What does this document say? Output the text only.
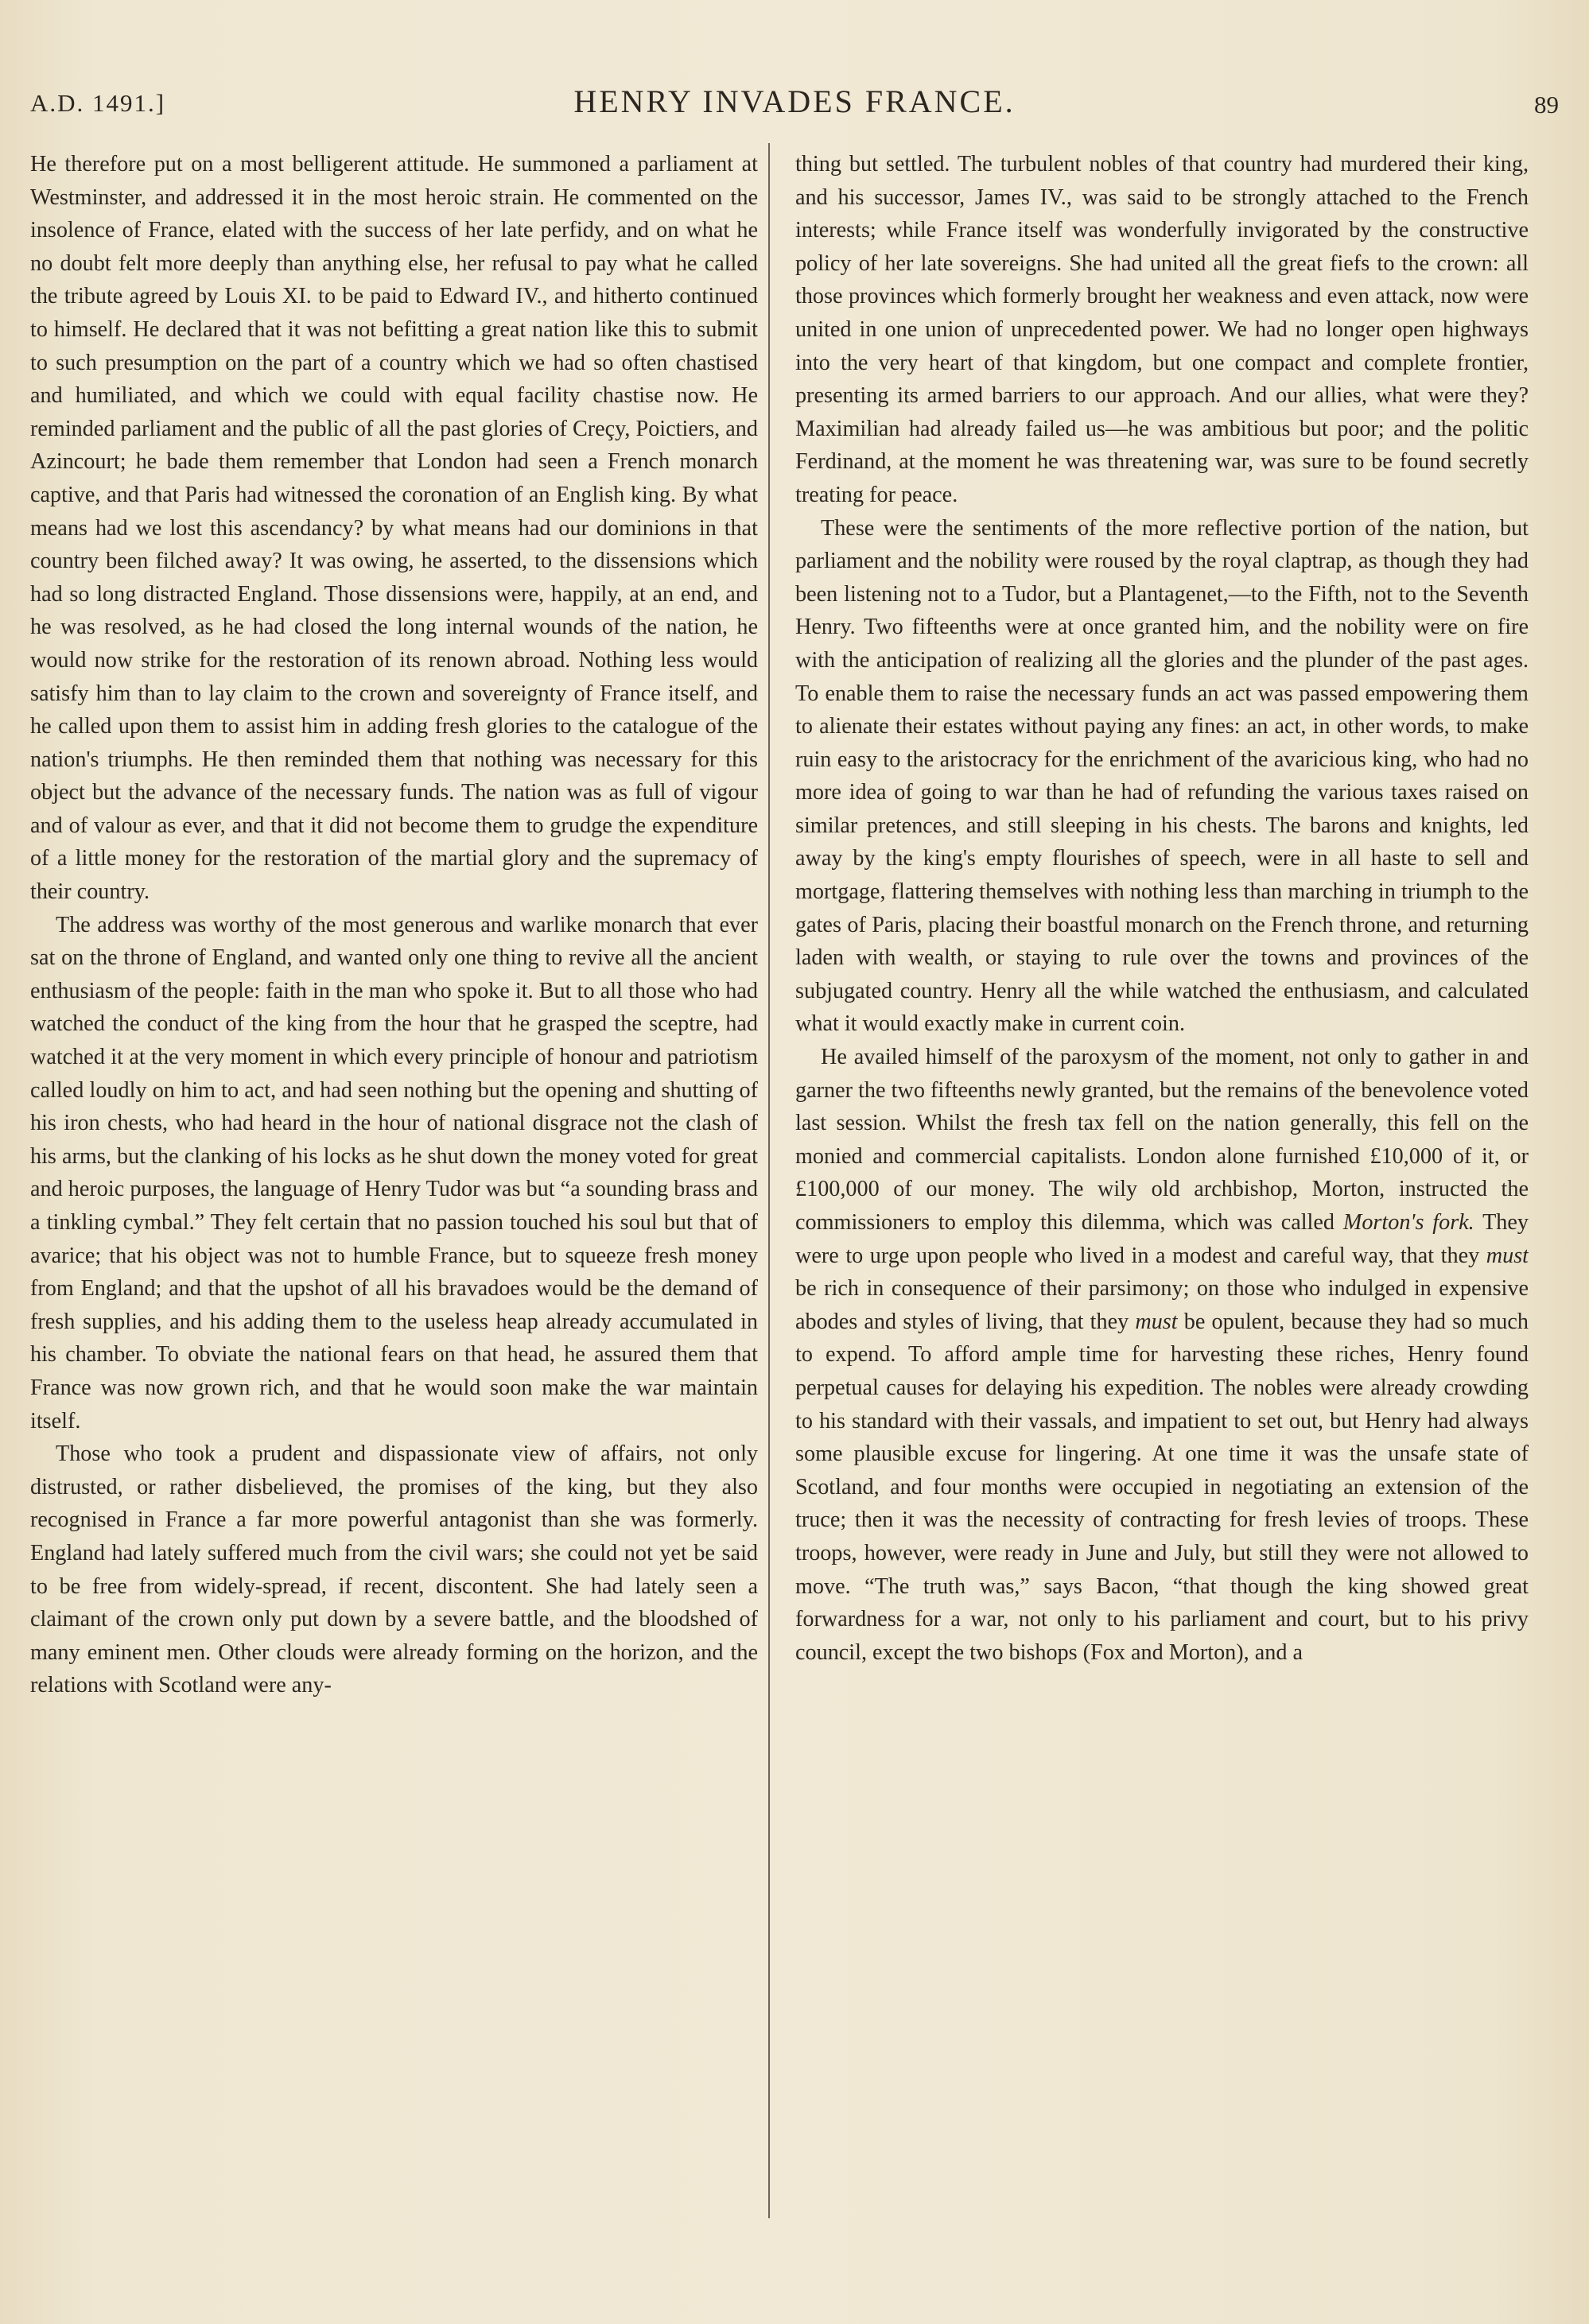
A.D. 1491.]	HENRY INVADES FRANCE.	89

He therefore put on a most belligerent attitude. He summoned a parliament at Westminster, and addressed it in the most heroic strain. He commented on the insolence of France, elated with the success of her late perfidy, and on what he no doubt felt more deeply than anything else, her refusal to pay what he called the tribute agreed by Louis XI. to be paid to Edward IV., and hitherto continued to himself. He declared that it was not befitting a great nation like this to submit to such presumption on the part of a country which we had so often chastised and humiliated, and which we could with equal facility chastise now. He reminded parliament and the public of all the past glories of Creçy, Poictiers, and Azincourt; he bade them remember that London had seen a French monarch captive, and that Paris had witnessed the coronation of an English king. By what means had we lost this ascendancy? by what means had our dominions in that country been filched away? It was owing, he asserted, to the dissensions which had so long distracted England. Those dissensions were, happily, at an end, and he was resolved, as he had closed the long internal wounds of the nation, he would now strike for the restoration of its renown abroad. Nothing less would satisfy him than to lay claim to the crown and sovereignty of France itself, and he called upon them to assist him in adding fresh glories to the catalogue of the nation's triumphs. He then reminded them that nothing was necessary for this object but the advance of the necessary funds. The nation was as full of vigour and of valour as ever, and that it did not become them to grudge the expenditure of a little money for the restoration of the martial glory and the supremacy of their country.

The address was worthy of the most generous and warlike monarch that ever sat on the throne of England, and wanted only one thing to revive all the ancient enthusiasm of the people: faith in the man who spoke it. But to all those who had watched the conduct of the king from the hour that he grasped the sceptre, had watched it at the very moment in which every principle of honour and patriotism called loudly on him to act, and had seen nothing but the opening and shutting of his iron chests, who had heard in the hour of national disgrace not the clash of his arms, but the clanking of his locks as he shut down the money voted for great and heroic purposes, the language of Henry Tudor was but “a sounding brass and a tinkling cymbal.” They felt certain that no passion touched his soul but that of avarice; that his object was not to humble France, but to squeeze fresh money from England; and that the upshot of all his bravadoes would be the demand of fresh supplies, and his adding them to the useless heap already accumulated in his chamber. To obviate the national fears on that head, he assured them that France was now grown rich, and that he would soon make the war maintain itself.

Those who took a prudent and dispassionate view of affairs, not only distrusted, or rather disbelieved, the promises of the king, but they also recognised in France a far more powerful antagonist than she was formerly. England had lately suffered much from the civil wars; she could not yet be said to be free from widely-spread, if recent, discontent. She had lately seen a claimant of the crown only put down by a severe battle, and the bloodshed of many eminent men. Other clouds were already forming on the horizon, and the relations with Scotland were any-

thing but settled. The turbulent nobles of that country had murdered their king, and his successor, James IV., was said to be strongly attached to the French interests; while France itself was wonderfully invigorated by the constructive policy of her late sovereigns. She had united all the great fiefs to the crown: all those provinces which formerly brought her weakness and even attack, now were united in one union of unprecedented power. We had no longer open highways into the very heart of that kingdom, but one compact and complete frontier, presenting its armed barriers to our approach. And our allies, what were they? Maximilian had already failed us—he was ambitious but poor; and the politic Ferdinand, at the moment he was threatening war, was sure to be found secretly treating for peace.

These were the sentiments of the more reflective portion of the nation, but parliament and the nobility were roused by the royal claptrap, as though they had been listening not to a Tudor, but a Plantagenet,—to the Fifth, not to the Seventh Henry. Two fifteenths were at once granted him, and the nobility were on fire with the anticipation of realizing all the glories and the plunder of the past ages. To enable them to raise the necessary funds an act was passed empowering them to alienate their estates without paying any fines: an act, in other words, to make ruin easy to the aristocracy for the enrichment of the avaricious king, who had no more idea of going to war than he had of refunding the various taxes raised on similar pretences, and still sleeping in his chests. The barons and knights, led away by the king's empty flourishes of speech, were in all haste to sell and mortgage, flattering themselves with nothing less than marching in triumph to the gates of Paris, placing their boastful monarch on the French throne, and returning laden with wealth, or staying to rule over the towns and provinces of the subjugated country. Henry all the while watched the enthusiasm, and calculated what it would exactly make in current coin.

He availed himself of the paroxysm of the moment, not only to gather in and garner the two fifteenths newly granted, but the remains of the benevolence voted last session. Whilst the fresh tax fell on the nation generally, this fell on the monied and commercial capitalists. London alone furnished £10,000 of it, or £100,000 of our money. The wily old archbishop, Morton, instructed the commissioners to employ this dilemma, which was called Morton's fork. They were to urge upon people who lived in a modest and careful way, that they must be rich in consequence of their parsimony; on those who indulged in expensive abodes and styles of living, that they must be opulent, because they had so much to expend. To afford ample time for harvesting these riches, Henry found perpetual causes for delaying his expedition. The nobles were already crowding to his standard with their vassals, and impatient to set out, but Henry had always some plausible excuse for lingering. At one time it was the unsafe state of Scotland, and four months were occupied in negotiating an extension of the truce; then it was the necessity of contracting for fresh levies of troops. These troops, however, were ready in June and July, but still they were not allowed to move. “The truth was,” says Bacon, “that though the king showed great forwardness for a war, not only to his parliament and court, but to his privy council, except the two bishops (Fox and Morton), and a
